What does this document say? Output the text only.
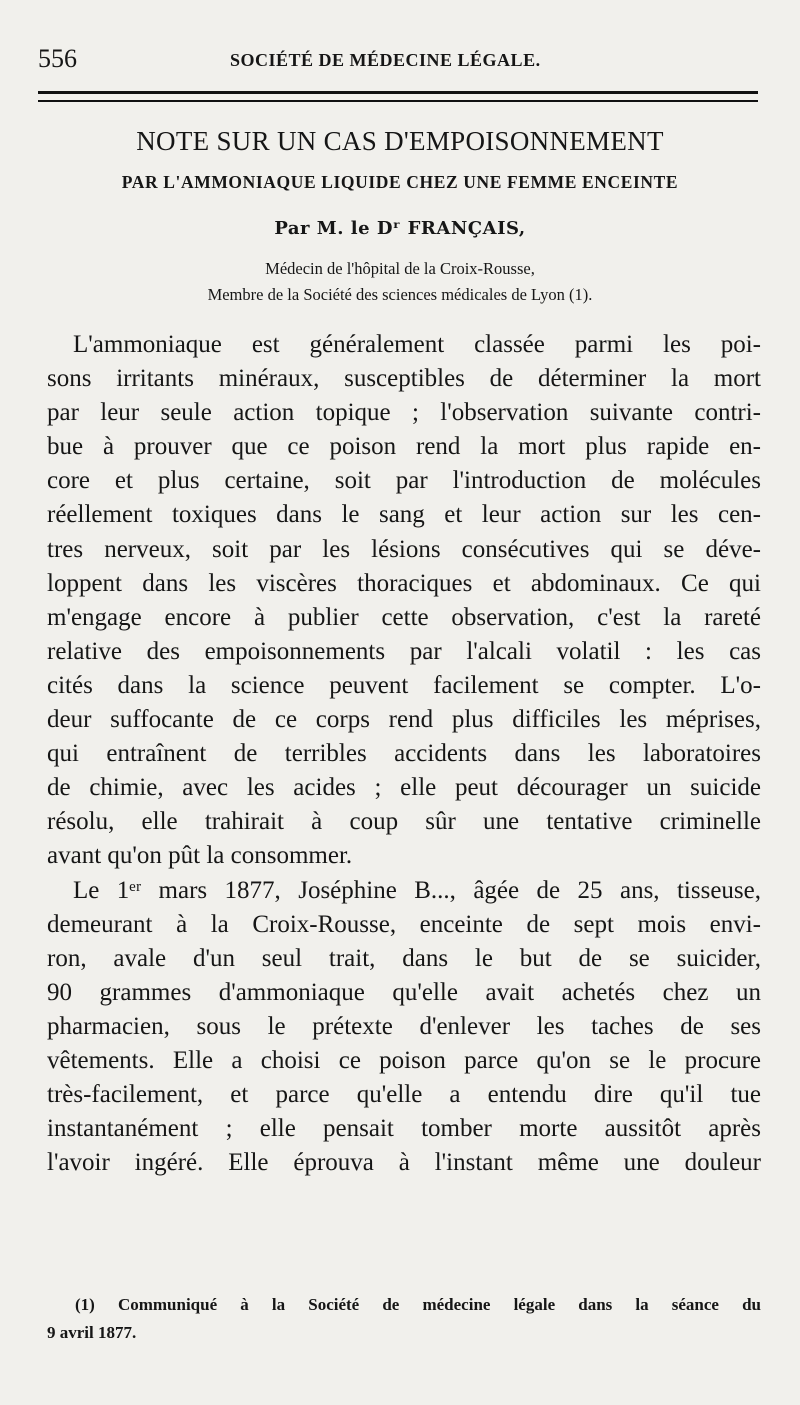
556	SOCIÉTÉ DE MÉDECINE LÉGALE.
NOTE SUR UN CAS D'EMPOISONNEMENT
PAR L'AMMONIAQUE LIQUIDE CHEZ UNE FEMME ENCEINTE
Par M. le Dʳ FRANÇAIS,
Médecin de l'hôpital de la Croix-Rousse,
Membre de la Société des sciences médicales de Lyon (1).
L'ammoniaque est généralement classée parmi les poi-
sons irritants minéraux, susceptibles de déterminer la mort
par leur seule action topique ; l'observation suivante contri-
bue à prouver que ce poison rend la mort plus rapide en-
core et plus certaine, soit par l'introduction de molécules
réellement toxiques dans le sang et leur action sur les cen-
tres nerveux, soit par les lésions consécutives qui se déve-
loppent dans les viscères thoraciques et abdominaux. Ce qui
m'engage encore à publier cette observation, c'est la rareté
relative des empoisonnements par l'alcali volatil : les cas
cités dans la science peuvent facilement se compter. L'o-
deur suffocante de ce corps rend plus difficiles les méprises,
qui entraînent de terribles accidents dans les laboratoires
de chimie, avec les acides ; elle peut décourager un suicide
résolu, elle trahirait à coup sûr une tentative criminelle
avant qu'on pût la consommer.
Le 1ᵉʳ mars 1877, Joséphine B..., âgée de 25 ans, tisseuse,
demeurant à la Croix-Rousse, enceinte de sept mois envi-
ron, avale d'un seul trait, dans le but de se suicider,
90 grammes d'ammoniaque qu'elle avait achetés chez un
pharmacien, sous le prétexte d'enlever les taches de ses
vêtements. Elle a choisi ce poison parce qu'on se le procure
très-facilement, et parce qu'elle a entendu dire qu'il tue
instantanément ; elle pensait tomber morte aussitôt après
l'avoir ingéré. Elle éprouva à l'instant même une douleur
(1) Communiqué à la Société de médecine légale dans la séance du
9 avril 1877.
